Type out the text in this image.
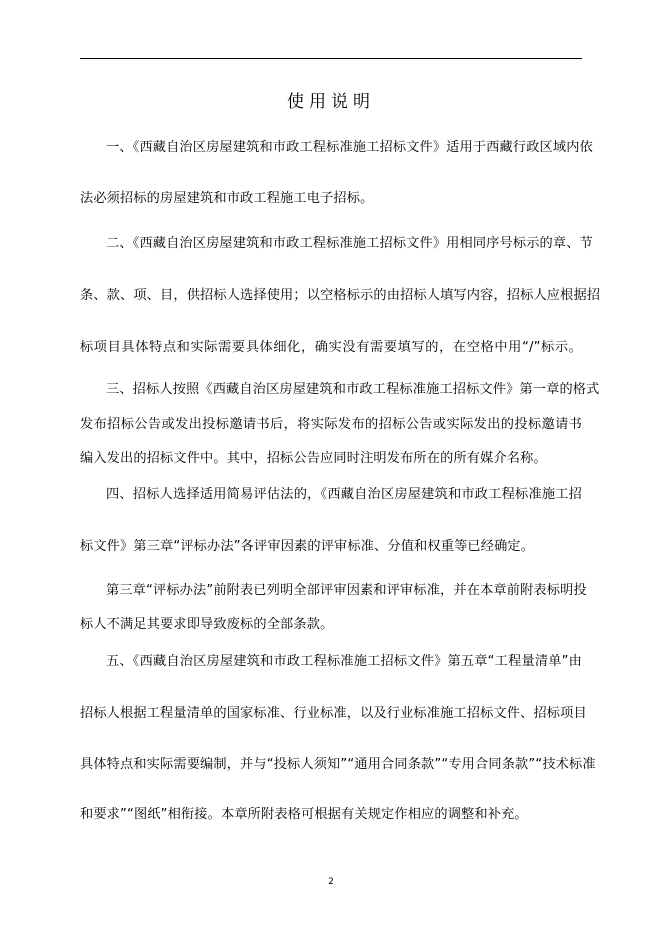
使用说明
一、《西藏自治区房屋建筑和市政工程标准施工招标文件》适用于西藏行政区域内依
法必须招标的房屋建筑和市政工程施工电子招标。
二、《西藏自治区房屋建筑和市政工程标准施工招标文件》用相同序号标示的章、节
条、款、项、目，供招标人选择使用；以空格标示的由招标人填写内容，招标人应根据招
标项目具体特点和实际需要具体细化，确实没有需要填写的，在空格中用“/”标示。
三、招标人按照《西藏自治区房屋建筑和市政工程标准施工招标文件》第一章的格式
发布招标公告或发出投标邀请书后，将实际发布的招标公告或实际发出的投标邀请书
编入发出的招标文件中。其中，招标公告应同时注明发布所在的所有媒介名称。
四、招标人选择适用简易评估法的，《西藏自治区房屋建筑和市政工程标准施工招
标文件》第三章“评标办法”各评审因素的评审标准、分值和权重等已经确定。
第三章“评标办法”前附表已列明全部评审因素和评审标准，并在本章前附表标明投
标人不满足其要求即导致废标的全部条款。
五、《西藏自治区房屋建筑和市政工程标准施工招标文件》第五章“工程量清单”由
招标人根据工程量清单的国家标准、行业标准，以及行业标准施工招标文件、招标项目
具体特点和实际需要编制，并与“投标人须知”“通用合同条款”“专用合同条款”“技术标准
和要求”“图纸”相衔接。本章所附表格可根据有关规定作相应的调整和补充。
2
